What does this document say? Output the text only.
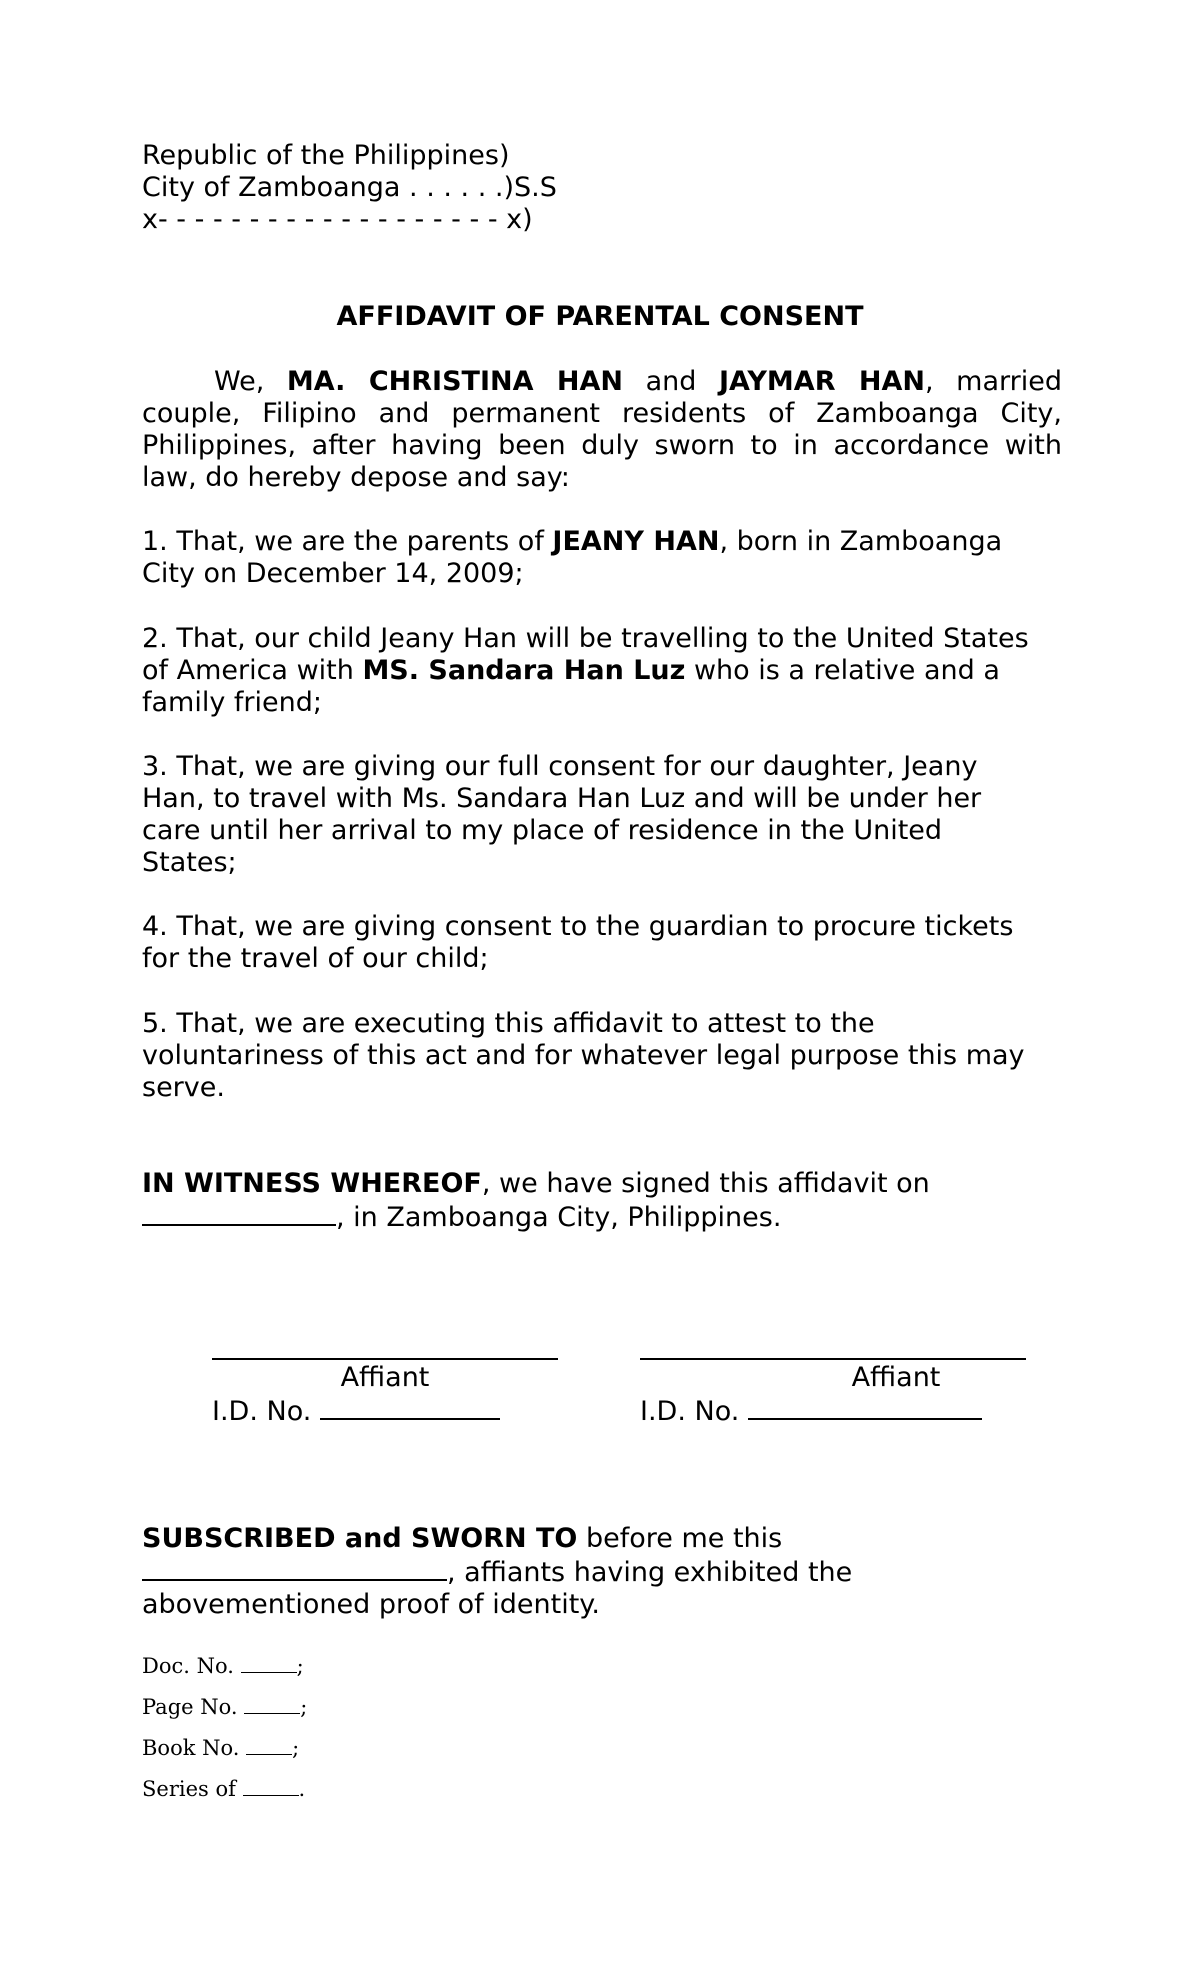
Republic of the Philippines)
City of Zamboanga . . . . . .)S.S
x- - - - - - - - - - - - - - - - - - - x)

AFFIDAVIT OF PARENTAL CONSENT

We, MA. CHRISTINA HAN and JAYMAR HAN, married couple, Filipino and permanent residents of Zamboanga City, Philippines, after having been duly sworn to in accordance with law, do hereby depose and say:

1. That, we are the parents of JEANY HAN, born in Zamboanga
City on December 14, 2009;
2. That, our child Jeany Han will be travelling to the United States
of America with MS. Sandara Han Luz who is a relative and a
family friend;
3. That, we are giving our full consent for our daughter, Jeany
Han, to travel with Ms. Sandara Han Luz and will be under her
care until her arrival to my place of residence in the United
States;
4. That, we are giving consent to the guardian to procure tickets
for the travel of our child;
5. That, we are executing this affidavit to attest to the
voluntariness of this act and for whatever legal purpose this may
serve.
IN WITNESS WHEREOF, we have signed this affidavit on
, in Zamboanga City, Philippines.
Affiant	Affiant
I.D. No.	I.D. No.
SUBSCRIBED and SWORN TO before me this
, affiants having exhibited the
abovementioned proof of identity.
Doc. No.	;
Page No.	;
Book No. ;
Series of	.
